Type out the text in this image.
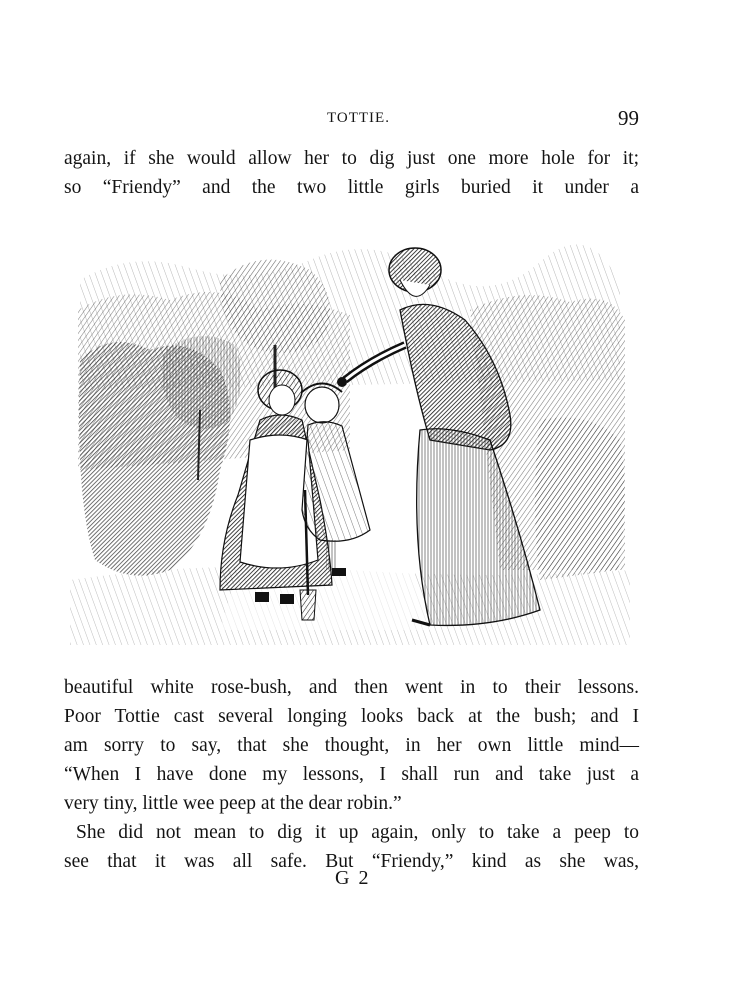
TOTTIE.	99
again, if she would allow her to dig just one more hole for it;
so “Friendy” and the two little girls buried it under a
beautiful white rose-bush, and then went in to their lessons.
Poor Tottie cast several longing looks back at the bush; and I
am sorry to say, that she thought, in her own little mind—
“When I have done my lessons, I shall run and take just a
very tiny, little wee peep at the dear robin.”
She did not mean to dig it up again, only to take a peep to
see that it was all safe. But “Friendy,” kind as she was,
G 2
